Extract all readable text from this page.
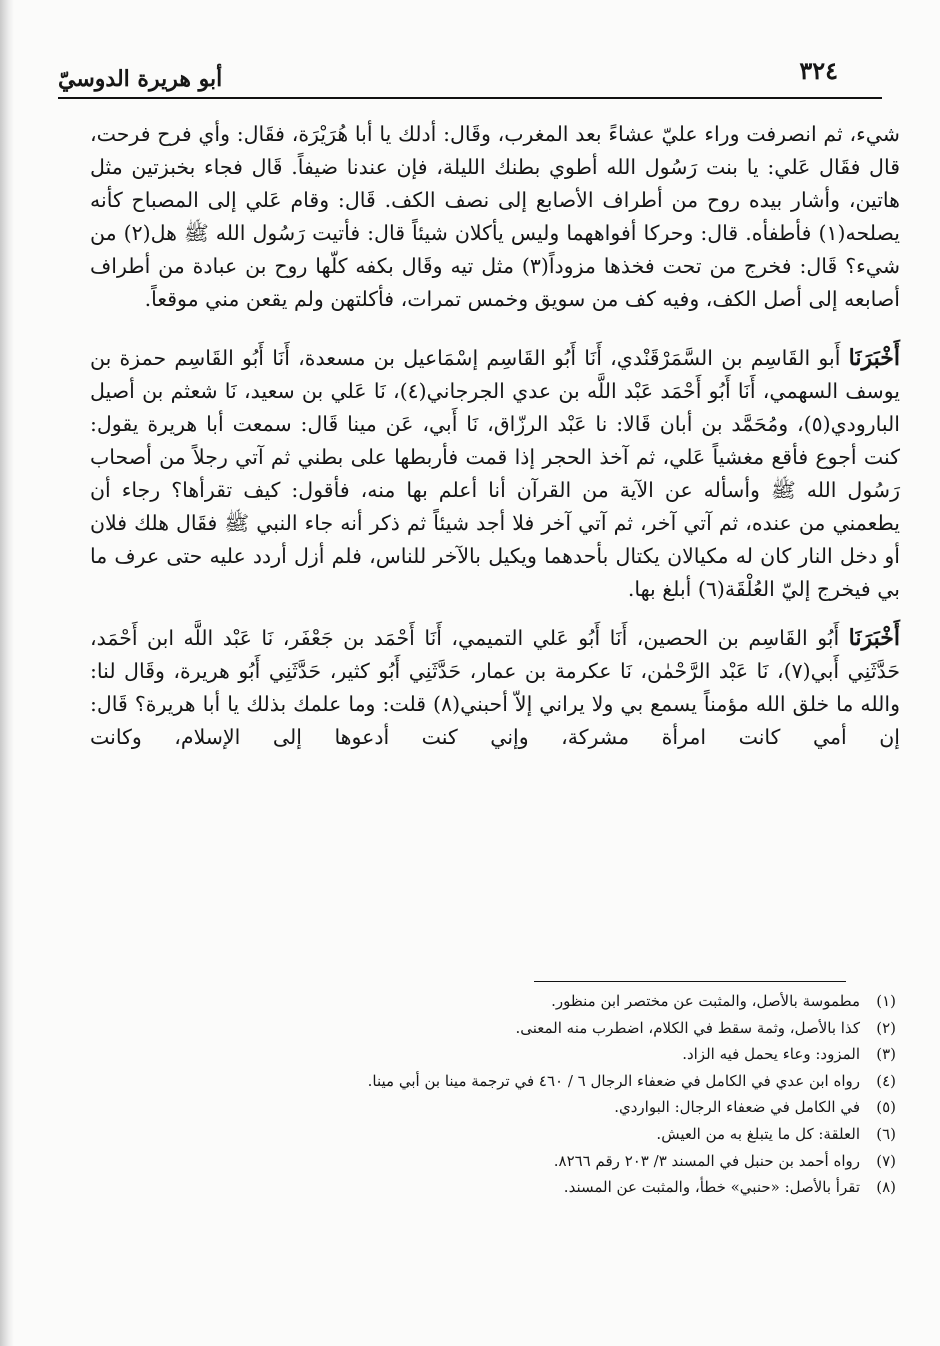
٣٢٤
أبو هريرة الدوسيّ

شيء، ثم انصرفت وراء عليّ عشاءً بعد المغرب، وقَال: أدلك يا أبا هُرَيْرَة، فقَال: وأي فرح فرحت، قال فقَال عَلي: يا بنت رَسُول الله أطوي بطنك الليلة، فإن عندنا ضيفاً. قَال فجاء بخبزتين مثل هاتين، وأشار بيده روح من أطراف الأصابع إلى نصف الكف. قَال: وقام عَلي إلى المصباح كأنه يصلحه(١) فأطفأه. قال: وحركا أفواههما وليس يأكلان شيئاً قال: فأتيت رَسُول الله ﷺ هل(٢) من شيء؟ قَال: فخرج من تحت فخذها مزوداً(٣) مثل تيه وقَال بكفه كلّها روح بن عبادة من أطراف أصابعه إلى أصل الكف، وفيه كف من سويق وخمس تمرات، فأكلتهن ولم يقعن مني موقعاً.

أَخْبَرَنَا أَبو القَاسِم بن السَّمَرْقَنْدي، أَنَا أَبُو القَاسِم إسْمَاعيل بن مسعدة، أَنَا أَبُو القَاسِم حمزة بن يوسف السهمي، أَنَا أَبُو أَحْمَد عَبْد اللَّه بن عدي الجرجاني(٤)، نَا عَلي بن سعيد، نَا شعثم بن أصيل البارودي(٥)، ومُحَمَّد بن أبان قَالا: نا عَبْد الرزّاق، نَا أَبي، عَن مينا قَال: سمعت أبا هريرة يقول: كنت أجوع فأقع مغشياً عَلي، ثم آخذ الحجر إذا قمت فأربطها على بطني ثم آتي رجلاً من أصحاب رَسُول الله ﷺ وأسأله عن الآية من القرآن أنا أعلم بها منه، فأقول: كيف تقرأها؟ رجاء أن يطعمني من عنده، ثم آتي آخر، ثم آتي آخر فلا أجد شيئاً ثم ذكر أنه جاء النبي ﷺ فقَال هلك فلان أو دخل النار كان له مكيالان يكتال بأحدهما ويكيل بالآخر للناس، فلم أزل أردد عليه حتى عرف ما بي فيخرج إليّ العُلْقَة(٦) أبلغ بها.

أَخْبَرَنَا أَبُو القَاسِم بن الحصين، أَنَا أَبُو عَلي التميمي، أَنَا أَحْمَد بن جَعْفَر، نَا عَبْد اللَّه ابن أَحْمَد، حَدَّثَنِي أَبي(٧)، نَا عَبْد الرَّحْمٰن، نَا عكرمة بن عمار، حَدَّثَنِي أَبُو كثير، حَدَّثَنِي أَبُو هريرة، وقَال لنا: والله ما خلق الله مؤمناً يسمع بي ولا يراني إلاّ أحبني(٨) قلت: وما علمك بذلك يا أبا هريرة؟ قَال: إن أمي كانت امرأة مشركة، وإني كنت أدعوها إلى الإسلام، وكانت

(١)
مطموسة بالأصل، والمثبت عن مختصر ابن منظور.
(٢)
كذا بالأصل، وثمة سقط في الكلام، اضطرب منه المعنى.
(٣)
المزود: وعاء يحمل فيه الزاد.
(٤)
رواه ابن عدي في الكامل في ضعفاء الرجال ٦ / ٤٦٠ في ترجمة مينا بن أبي مينا.
(٥)
في الكامل في ضعفاء الرجال: البواردي.
(٦)
العلقة: كل ما يتبلغ به من العيش.
(٧)
رواه أحمد بن حنبل في المسند ٣/ ٢٠٣ رقم ٨٢٦٦.
(٨)
تقرأ بالأصل: «حنبي» خطأ، والمثبت عن المسند.
